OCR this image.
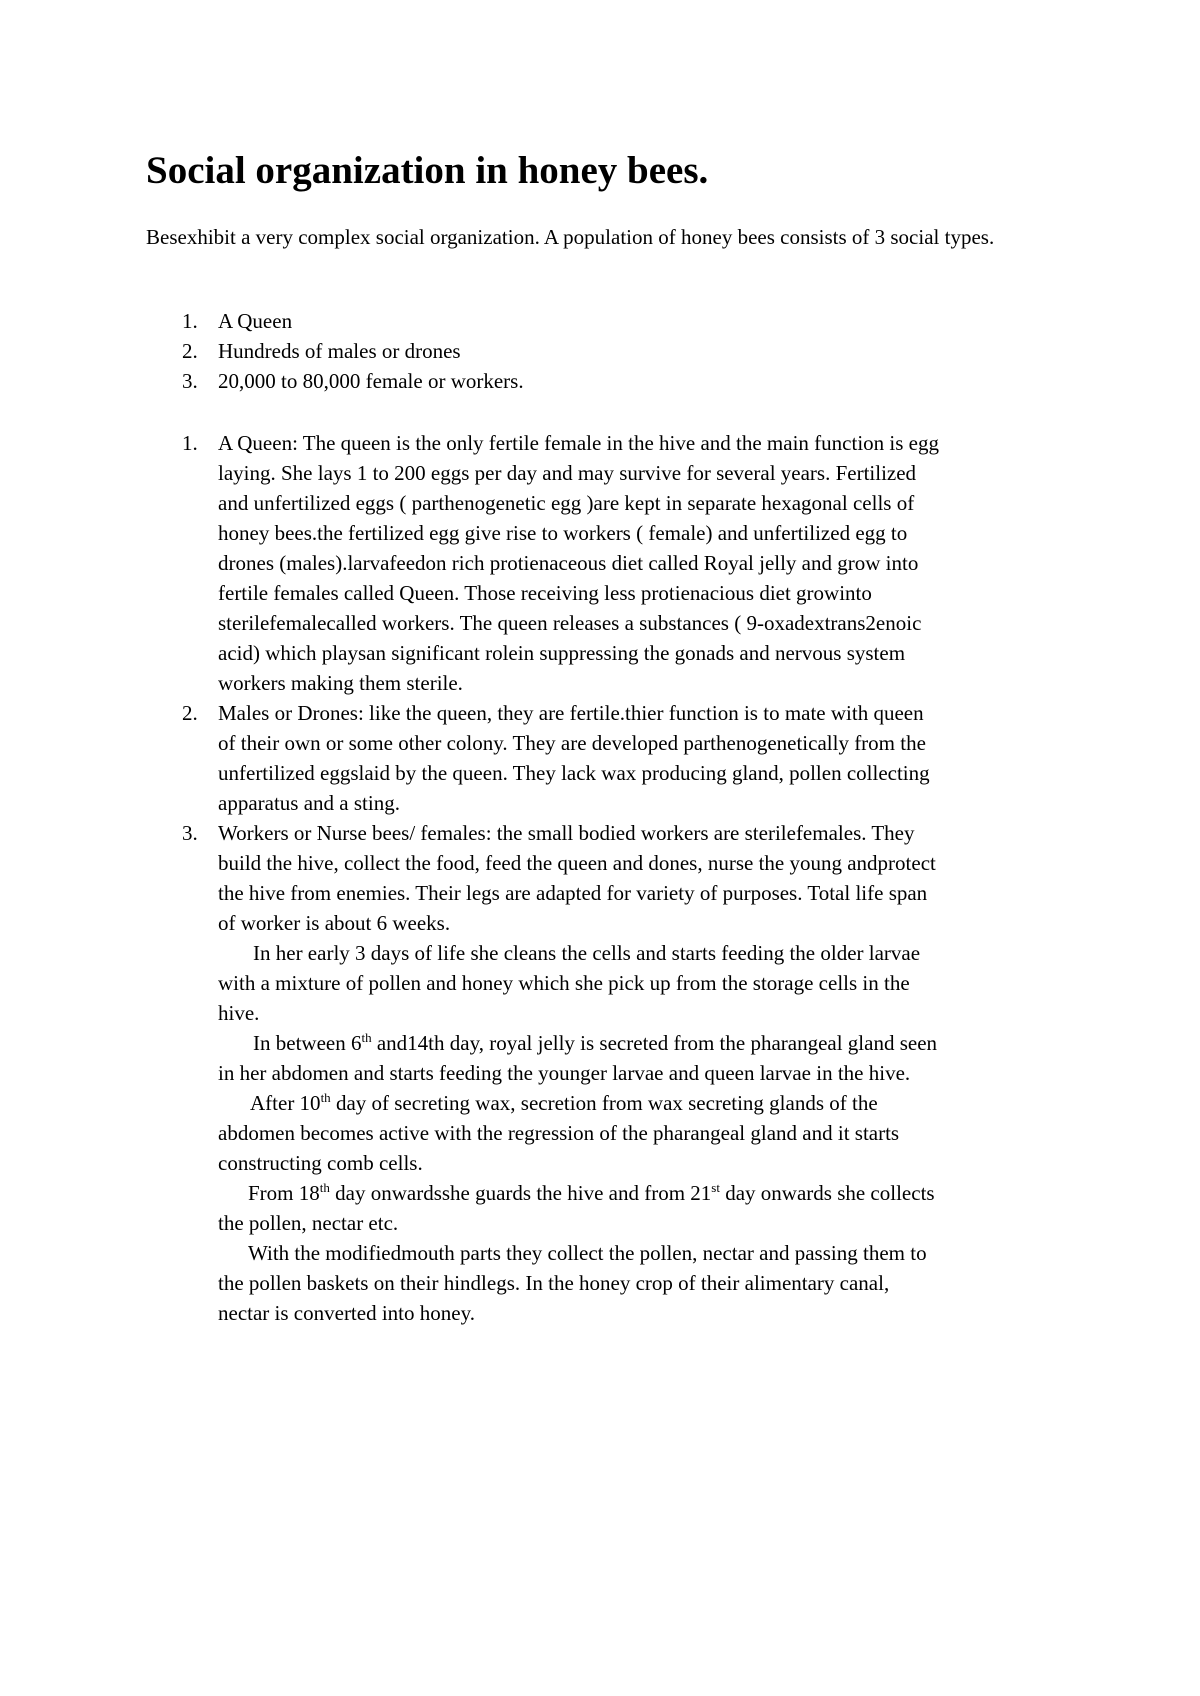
Social organization in honey bees.

Besexhibit a very complex social organization. A population of honey bees consists of 3 social types.

1. A Queen
2. Hundreds of males or drones
3. 20,000 to 80,000 female or workers.
1. A Queen: The queen is the only fertile female in the hive and the main function is egg
laying. She lays 1 to 200 eggs per day and may survive for several years. Fertilized
and unfertilized eggs ( parthenogenetic egg )are kept in separate hexagonal cells of
honey bees.the fertilized egg give rise to workers ( female) and unfertilized egg to
drones (males).larvafeedon rich protienaceous diet called Royal jelly and grow into
fertile females called Queen. Those receiving less protienacious diet growinto
sterilefemalecalled workers. The queen releases a substances ( 9-oxadextrans2enoic
acid) which playsan significant rolein suppressing the gonads and nervous system
workers making them sterile.
2. Males or Drones: like the queen, they are fertile.thier function is to mate with queen
of their own or some other colony. They are developed parthenogenetically from the
unfertilized eggslaid by the queen. They lack wax producing gland, pollen collecting
apparatus and a sting.
3. Workers or Nurse bees/ females: the small bodied workers are sterilefemales. They
build the hive, collect the food, feed the queen and dones, nurse the young andprotect
the hive from enemies. Their legs are adapted for variety of purposes. Total life span
of worker is about 6 weeks.
In her early 3 days of life she cleans the cells and starts feeding the older larvae
with a mixture of pollen and honey which she pick up from the storage cells in the
hive.
In between 6th and14th day, royal jelly is secreted from the pharangeal gland seen
in her abdomen and starts feeding the younger larvae and queen larvae in the hive.
After 10th day of secreting wax, secretion from wax secreting glands of the
abdomen becomes active with the regression of the pharangeal gland and it starts
constructing comb cells.
From 18th day onwardsshe guards the hive and from 21st day onwards she collects
the pollen, nectar etc.
With the modifiedmouth parts they collect the pollen, nectar and passing them to
the pollen baskets on their hindlegs. In the honey crop of their alimentary canal,
nectar is converted into honey.
